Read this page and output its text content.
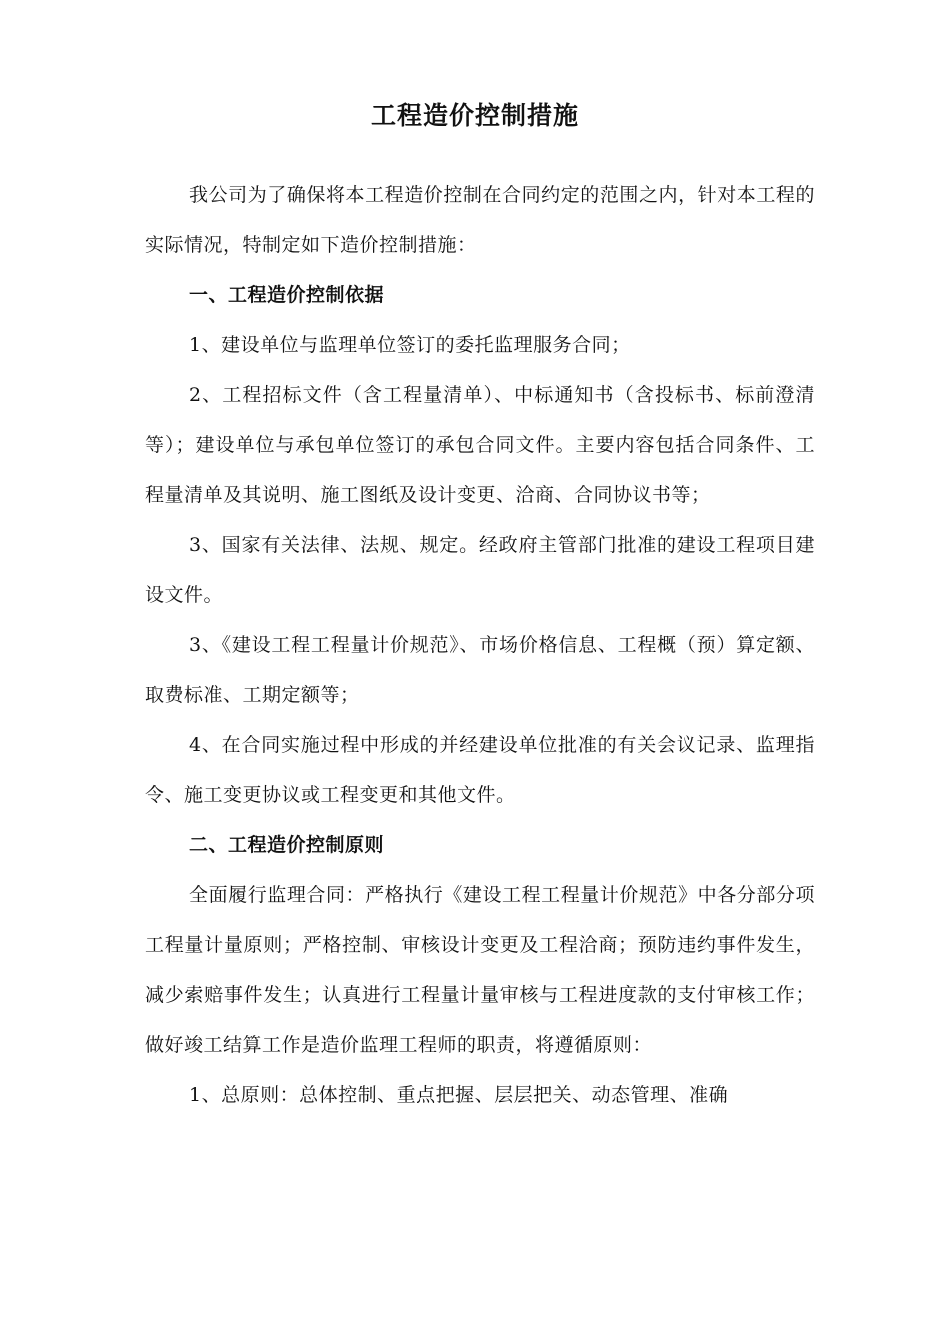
工程造价控制措施

我公司为了确保将本工程造价控制在合同约定的范围之内，针对本工程的实际情况，特制定如下造价控制措施：

一、工程造价控制依据

1、建设单位与监理单位签订的委托监理服务合同；

2、工程招标文件（含工程量清单）、中标通知书（含投标书、标前澄清等）；建设单位与承包单位签订的承包合同文件。主要内容包括合同条件、工程量清单及其说明、施工图纸及设计变更、洽商、合同协议书等；

3、国家有关法律、法规、规定。经政府主管部门批准的建设工程项目建设文件。

3、《建设工程工程量计价规范》、市场价格信息、工程概（预）算定额、取费标准、工期定额等；

4、在合同实施过程中形成的并经建设单位批准的有关会议记录、监理指令、施工变更协议或工程变更和其他文件。

二、工程造价控制原则

全面履行监理合同：严格执行《建设工程工程量计价规范》中各分部分项工程量计量原则；严格控制、审核设计变更及工程洽商；预防违约事件发生，减少索赔事件发生；认真进行工程量计量审核与工程进度款的支付审核工作；做好竣工结算工作是造价监理工程师的职责，将遵循原则：

1、总原则：总体控制、重点把握、层层把关、动态管理、准确
